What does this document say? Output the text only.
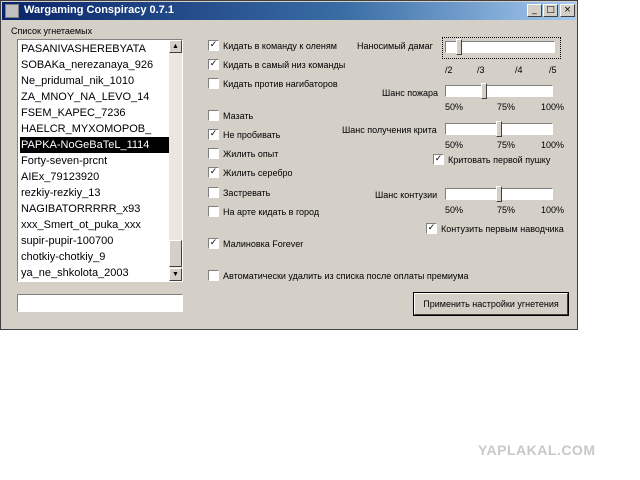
Wargaming Conspiracy 0.7.1	_	□ ×
Список угнетаемых
PASANIVASHEREBYATA
SOBAKa_nerezanaya_926
Ne_pridumal_nik_1010
ZA_MNOY_NA_LEVO_14
FSEM_KAPEC_7236
HAELCR_MYXOMOPOB_
PAPKA-NoGeBaTeL_1114
Forty-seven-prcnt
AIEx_79123920
rezkiy-rezkiy_13
NAGIBATORRRRR_x93
xxx_Smert_ot_puka_xxx
supir-pupir-100700
chotkiy-chotkiy_9
ya_ne_shkolota_2003
▲
▼
✓ Кидать в команду к оленям
✓ Кидать в самый низ команды
Кидать против нагибаторов
Мазать
✓ Не пробивать
Жилить опыт
✓ Жилить серебро
Застревать
На арте кидать в город
✓ Малиновка Forever
Автоматически удалить из списка после оплаты премиума
Наносимый дамаг
/2	/3	/4	/5
Шанс пожара
50%	75%	100%
Шанс получения крита
50%	75%	100%
✓ Критовать первой пушку
Шанс контузии
50%	75%	100%
✓ Контузить первым наводчика
Применить настройки угнетения
YAPLAKAL.COM
